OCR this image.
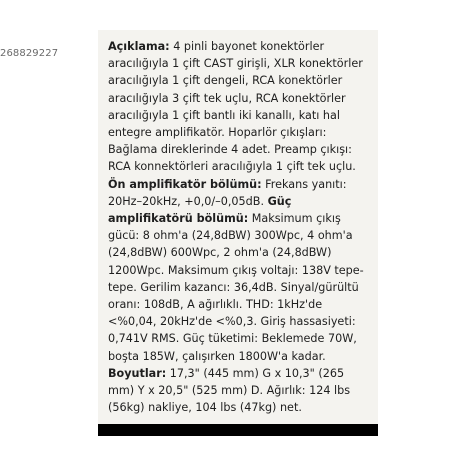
268829227
Açıklama: 4 pinli bayonet konektörler aracılığıyla 1 çift CAST girişli, XLR konektörler aracılığıyla 1 çift dengeli, RCA konektörler aracılığıyla 3 çift tek uçlu, RCA konektörler aracılığıyla 1 çift bantlı iki kanallı, katı hal entegre amplifikatör. Hoparlör çıkışları: Bağlama direklerinde 4 adet. Preamp çıkışı: RCA konnektörleri aracılığıyla 1 çift tek uçlu. Ön amplifikatör bölümü: Frekans yanıtı: 20Hz–20kHz, +0,0/–0,05dB. Güç amplifikatörü bölümü: Maksimum çıkış gücü: 8 ohm'a (24,8dBW) 300Wpc, 4 ohm'a (24,8dBW) 600Wpc, 2 ohm'a (24,8dBW) 1200Wpc. Maksimum çıkış voltajı: 138V tepe-tepe. Gerilim kazancı: 36,4dB. Sinyal/gürültü oranı: 108dB, A ağırlıklı. THD: 1kHz'de <%0,04, 20kHz'de <%0,3. Giriş hassasiyeti: 0,741V RMS. Güç tüketimi: Beklemede 70W, boşta 185W, çalışırken 1800W'a kadar.
Boyutlar: 17,3" (445 mm) G x 10,3" (265 mm) Y x 20,5" (525 mm) D. Ağırlık: 124 lbs (56kg) nakliye, 104 lbs (47kg) net.
